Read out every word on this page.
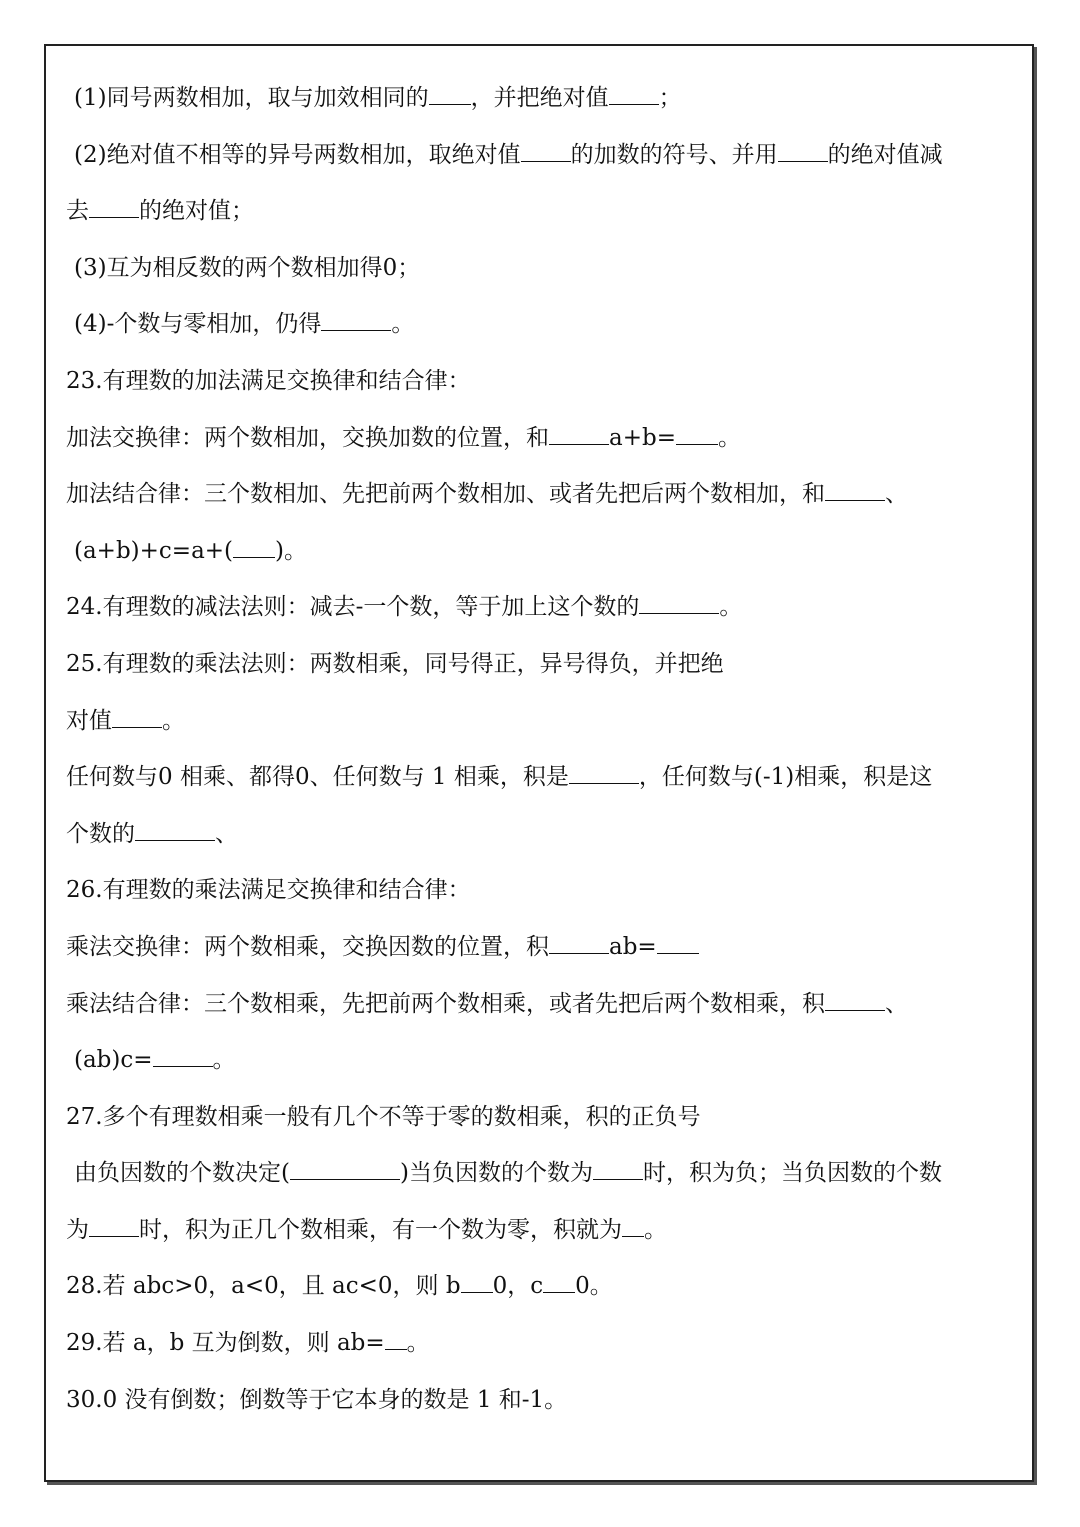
(1)同号两数相加，取与加效相同的 ，并把绝对值 ；
(2)绝对值不相等的异号两数相加，取绝对值 的加数的符号、并用 的绝对值减
去 的绝对值；
(3)互为相反数的两个数相加得0；
(4)-个数与零相加，仍得	。
23.有理数的加法满足交换律和结合律：
加法交换律：两个数相加，交换加数的位置，和	a+b= 。
加法结合律：三个数相加、先把前两个数相加、或者先把后两个数相加，和	、
(a+b)+c=a+( )。
24.有理数的减法法则：减去-一个数，等于加上这个数的	。
25.有理数的乘法法则：两数相乘，同号得正，异号得负，并把绝
对值 。
任何数与0 相乘、都得0、任何数与 1 相乘，积是	，任何数与(-1)相乘，积是这
个数的	、
26.有理数的乘法满足交换律和结合律：
乘法交换律：两个数相乘，交换因数的位置，积	ab=
乘法结合律：三个数相乘，先把前两个数相乘，或者先把后两个数相乘，积	、
(ab)c=	。
27.多个有理数相乘一般有几个不等于零的数相乘，积的正负号
由负因数的个数决定(	)当负因数的个数为 时，积为负；当负因数的个数
为 时，积为正几个数相乘，有一个数为零，积就为 。
28.若 abc>0，a<0，且 ac<0，则 b 0，c 0。
29.若 a，b 互为倒数，则 ab= 。
30.0 没有倒数；倒数等于它本身的数是 1 和-1。
